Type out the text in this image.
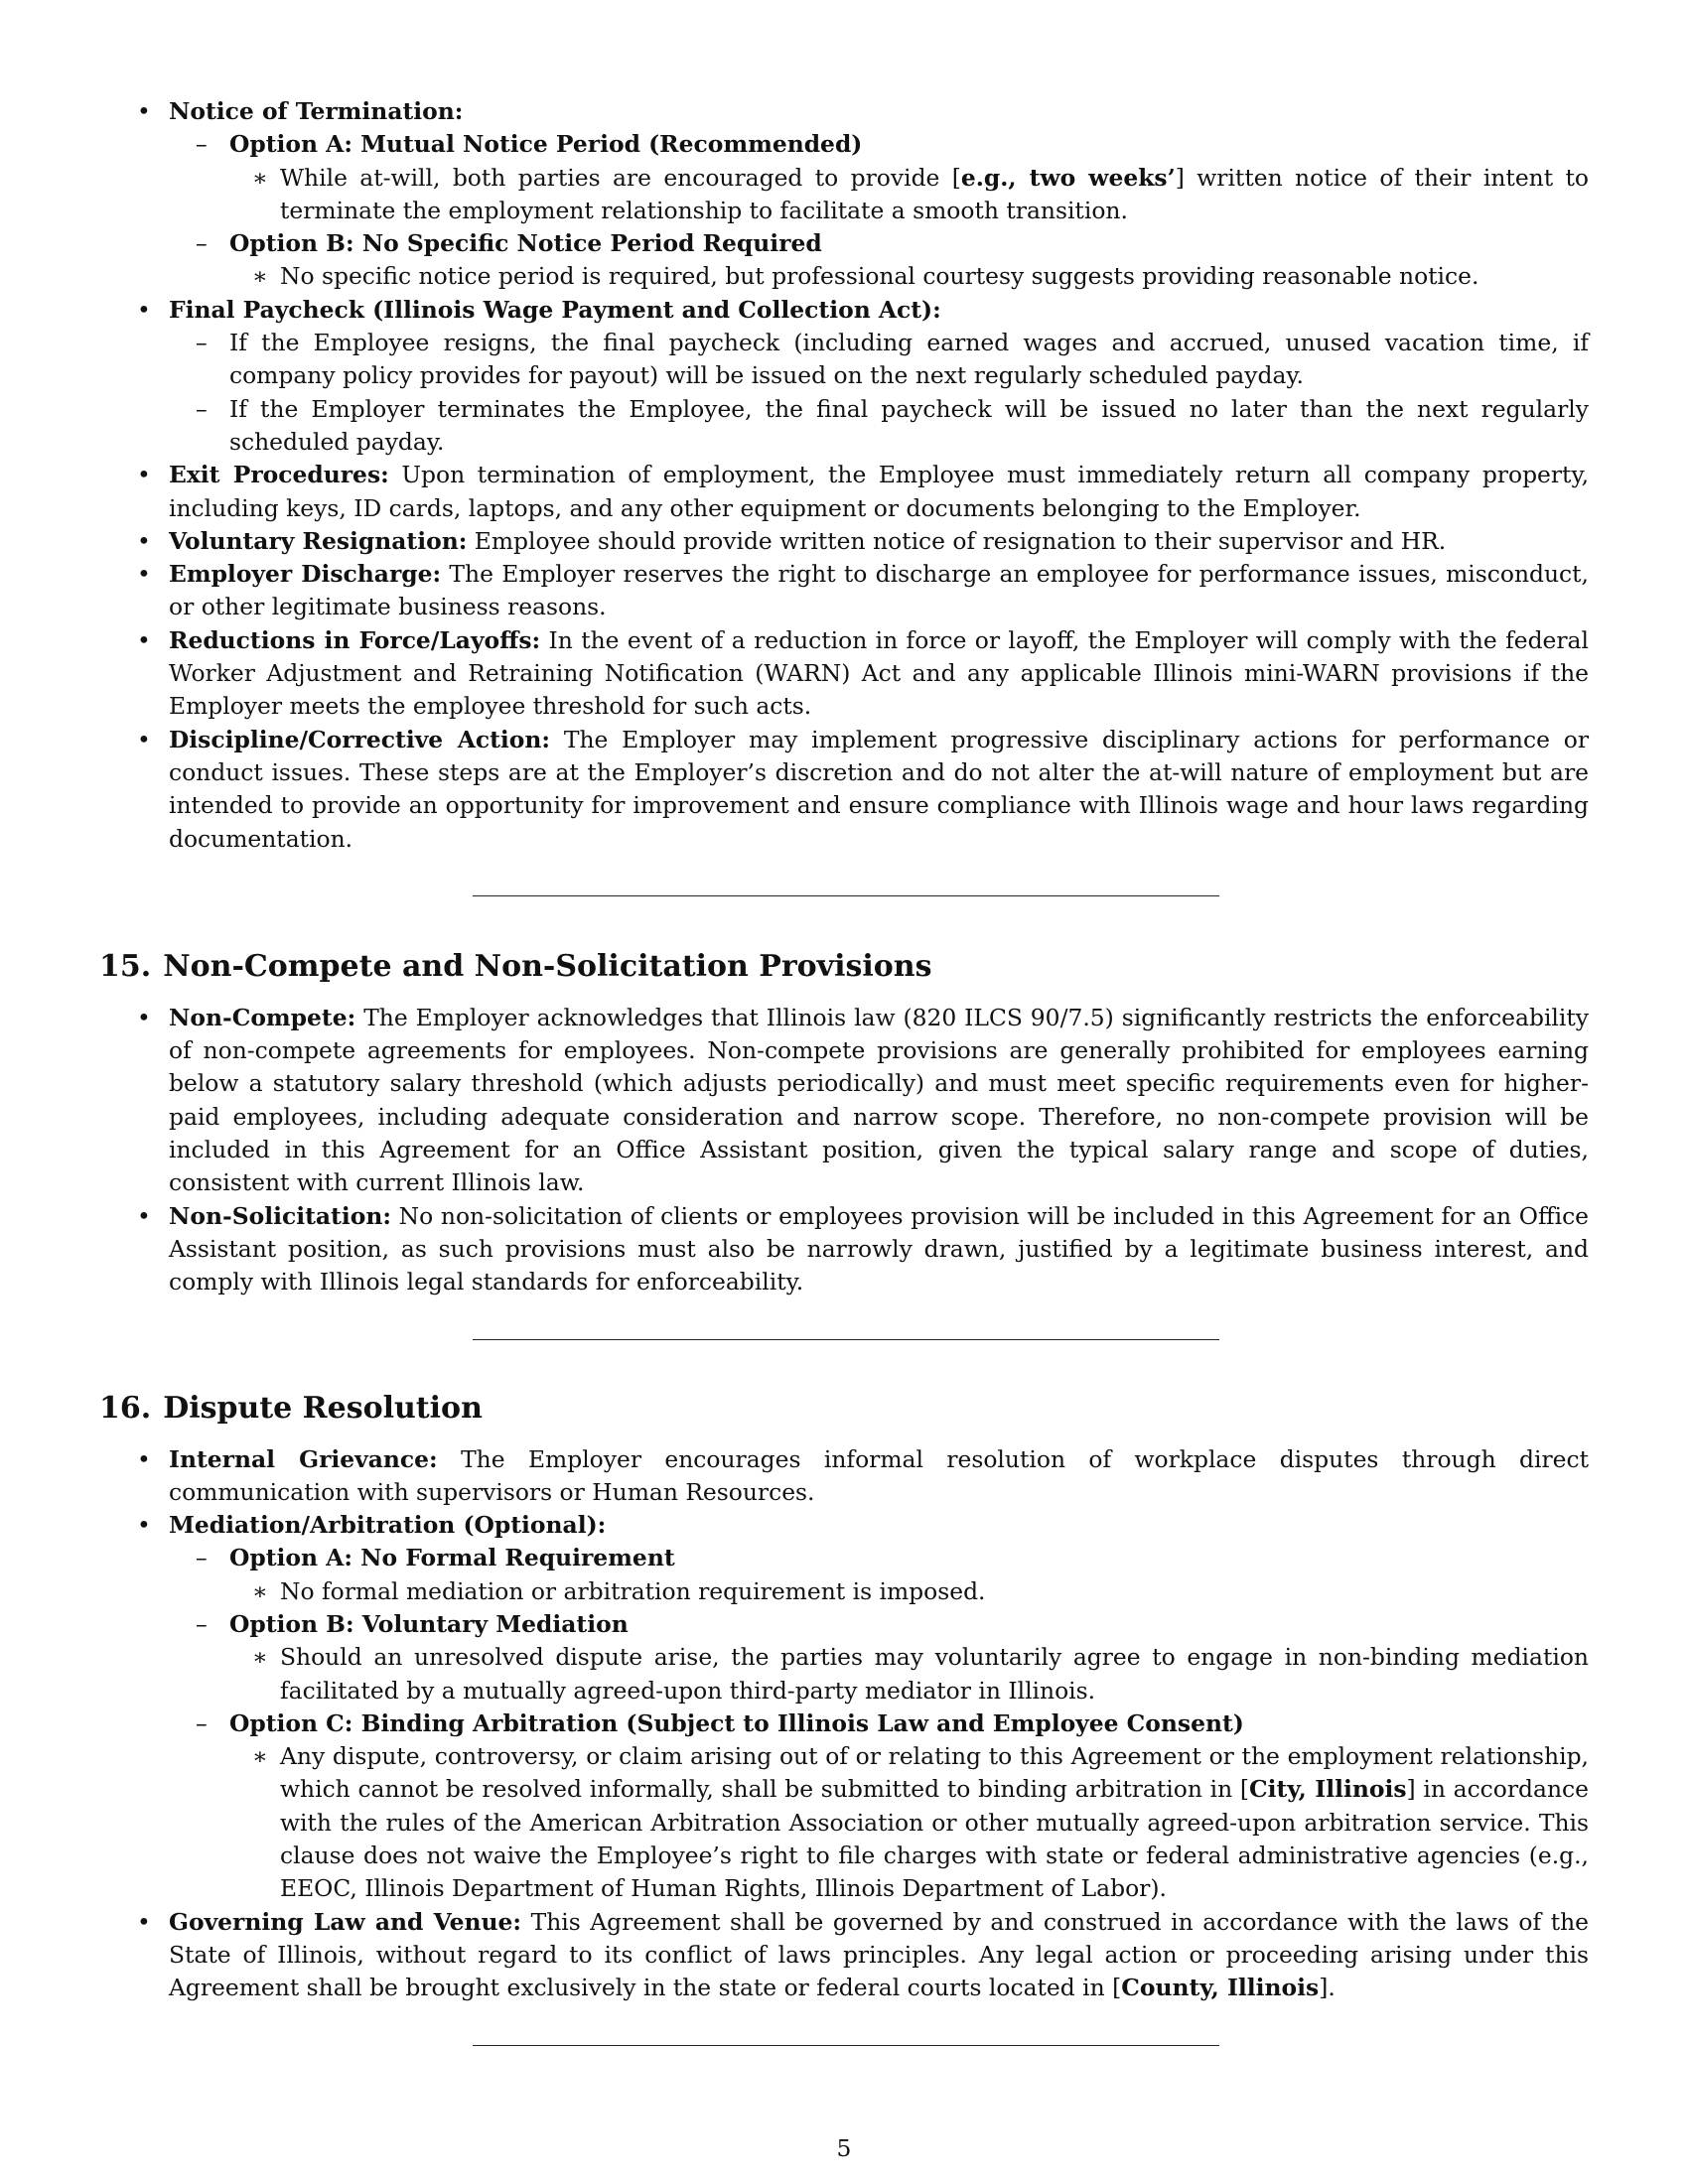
• Notice of Termination:
– Option A: Mutual Notice Period (Recommended)
∗ While at-will, both parties are encouraged to provide [e.g., two weeks’] written notice of their intent to terminate the employment relationship to facilitate a smooth transition.
– Option B: No Specific Notice Period Required
∗ No specific notice period is required, but professional courtesy suggests providing reasonable notice.
• Final Paycheck (Illinois Wage Payment and Collection Act):
– If the Employee resigns, the final paycheck (including earned wages and accrued, unused vacation time, if company policy provides for payout) will be issued on the next regularly scheduled payday.
– If the Employer terminates the Employee, the final paycheck will be issued no later than the next regularly scheduled payday.
• Exit Procedures: Upon termination of employment, the Employee must immediately return all company property, including keys, ID cards, laptops, and any other equipment or documents belonging to the Employer.
• Voluntary Resignation: Employee should provide written notice of resignation to their supervisor and HR.
• Employer Discharge: The Employer reserves the right to discharge an employee for performance issues, misconduct, or other legitimate business reasons.
• Reductions in Force/Layoffs: In the event of a reduction in force or layoff, the Employer will comply with the federal Worker Adjustment and Retraining Notification (WARN) Act and any applicable Illinois mini-WARN provisions if the Employer meets the employee threshold for such acts.
• Discipline/Corrective Action: The Employer may implement progressive disciplinary actions for performance or conduct issues. These steps are at the Employer’s discretion and do not alter the at-will nature of employment but are intended to provide an opportunity for improvement and ensure compliance with Illinois wage and hour laws regarding documentation.
15. Non-Compete and Non-Solicitation Provisions
• Non-Compete: The Employer acknowledges that Illinois law (820 ILCS 90/7.5) significantly restricts the enforceability of non-compete agreements for employees. Non-compete provisions are generally prohibited for employees earning below a statutory salary threshold (which adjusts periodically) and must meet specific requirements even for higher-paid employees, including adequate consideration and narrow scope. Therefore, no non-compete provision will be included in this Agreement for an Office Assistant position, given the typical salary range and scope of duties, consistent with current Illinois law.
• Non-Solicitation: No non-solicitation of clients or employees provision will be included in this Agreement for an Office Assistant position, as such provisions must also be narrowly drawn, justified by a legitimate business interest, and comply with Illinois legal standards for enforceability.
16. Dispute Resolution
• Internal Grievance: The Employer encourages informal resolution of workplace disputes through direct communication with supervisors or Human Resources.
• Mediation/Arbitration (Optional):
– Option A: No Formal Requirement
∗ No formal mediation or arbitration requirement is imposed.
– Option B: Voluntary Mediation
∗ Should an unresolved dispute arise, the parties may voluntarily agree to engage in non-binding mediation facilitated by a mutually agreed-upon third-party mediator in Illinois.
– Option C: Binding Arbitration (Subject to Illinois Law and Employee Consent)
∗ Any dispute, controversy, or claim arising out of or relating to this Agreement or the employment relationship, which cannot be resolved informally, shall be submitted to binding arbitration in [City, Illinois] in accordance with the rules of the American Arbitration Association or other mutually agreed-upon arbitration service. This clause does not waive the Employee’s right to file charges with state or federal administrative agencies (e.g., EEOC, Illinois Department of Human Rights, Illinois Department of Labor).
• Governing Law and Venue: This Agreement shall be governed by and construed in accordance with the laws of the State of Illinois, without regard to its conflict of laws principles. Any legal action or proceeding arising under this Agreement shall be brought exclusively in the state or federal courts located in [County, Illinois].
5
